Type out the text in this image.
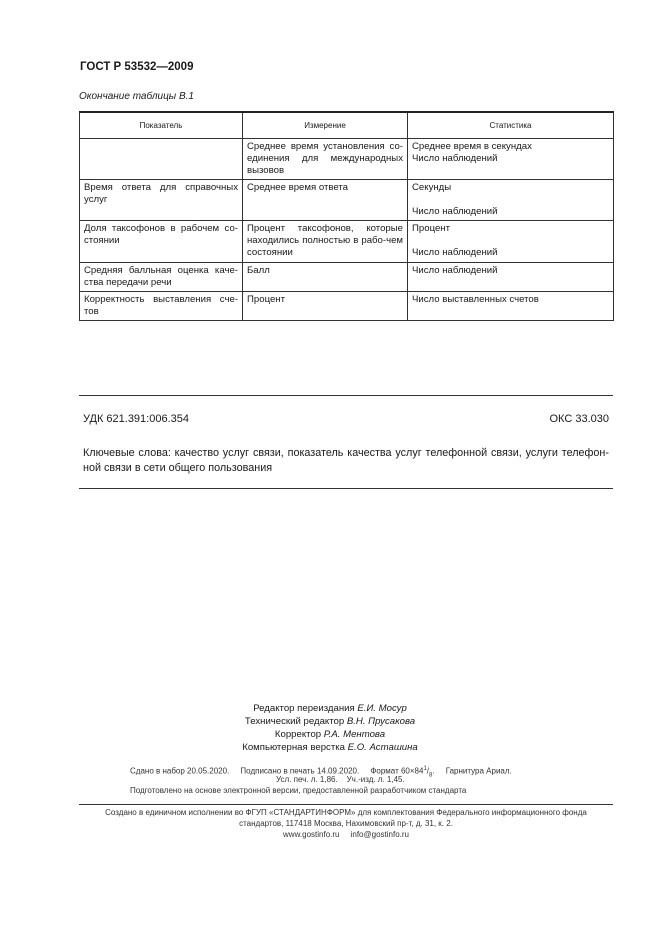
ГОСТ Р 53532—2009
Окончание таблицы В.1
Показатель	Измерение	Статистика
	Среднее время установления со-единения для международных вызовов	Среднее время в секундах
Число наблюдений

Время ответа для справочных услуг	Среднее время ответа	Секунды
Число наблюдений

Доля таксофонов в рабочем со-стоянии	Процент таксофонов, которые находились полностью в рабо-чем состоянии	Процент
Число наблюдений

Средняя балльная оценка каче-ства передачи речи	Балл	Число наблюдений

Корректность выставления сче-тов	Процент	Число выставленных счетов
УДК 621.391:006.354	ОКС 33.030
Ключевые слова: качество услуг связи, показатель качества услуг телефонной связи, услуги телефон-ной связи в сети общего пользования
Редактор переиздания Е.И. Мосур
Технический редактор В.Н. Прусакова
Корректор Р.А. Ментова
Компьютерная верстка Е.О. Асташина
Сдано в набор 20.05.2020. Подписано в печать 14.09.2020. Формат $60\times 84^1/_8$.     Гарнитура Ариал.
Усл. печ. л. 1,86. Уч.-изд. л. 1,45.
Подготовлено на основе электронной версии, предоставленной разработчиком стандарта
Создано в единичном исполнении во ФГУП «СТАНДАРТИНФОРМ» для комплектования Федерального информационного фонда
стандартов, 117418 Москва, Нахимовский пр-т, д. 31, к. 2.
www.gostinfo.ru info@gostinfo.ru
